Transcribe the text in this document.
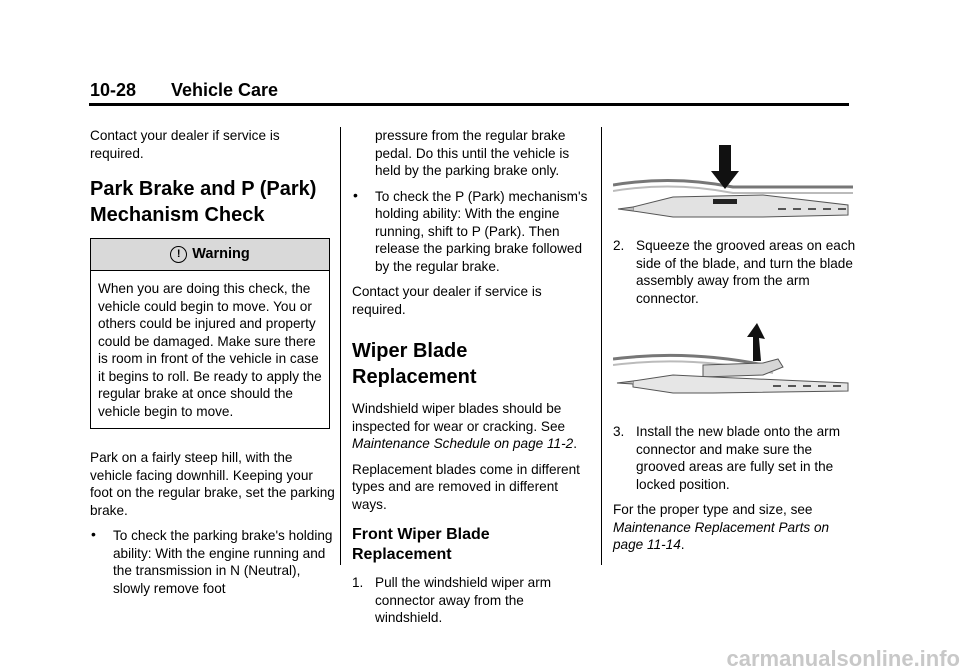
10-28 Vehicle Care

Contact your dealer if service is required.

Park Brake and P (Park) Mechanism Check
! Warning
When you are doing this check, the vehicle could begin to move. You or others could be injured and property could be damaged. Make sure there is room in front of the vehicle in case it begins to roll. Be ready to apply the regular brake at once should the vehicle begin to move.

Park on a fairly steep hill, with the vehicle facing downhill. Keeping your foot on the regular brake, set the parking brake.

• To check the parking brake's holding ability: With the engine running and the transmission in N (Neutral), slowly remove foot

pressure from the regular brake pedal. Do this until the vehicle is held by the parking brake only.

• To check the P (Park) mechanism's holding ability: With the engine running, shift to P (Park). Then release the parking brake followed by the regular brake.

Contact your dealer if service is required.

Wiper Blade Replacement

Windshield wiper blades should be inspected for wear or cracking. See Maintenance Schedule on page 11-2.

Replacement blades come in different types and are removed in different ways.

Front Wiper Blade Replacement
1. Pull the windshield wiper arm connector away from the windshield.
2. Squeeze the grooved areas on each side of the blade, and turn the blade assembly away from the arm connector.
3. Install the new blade onto the arm connector and make sure the grooved areas are fully set in the locked position.

For the proper type and size, see Maintenance Replacement Parts on page 11-14.

carmanualsonline.info
